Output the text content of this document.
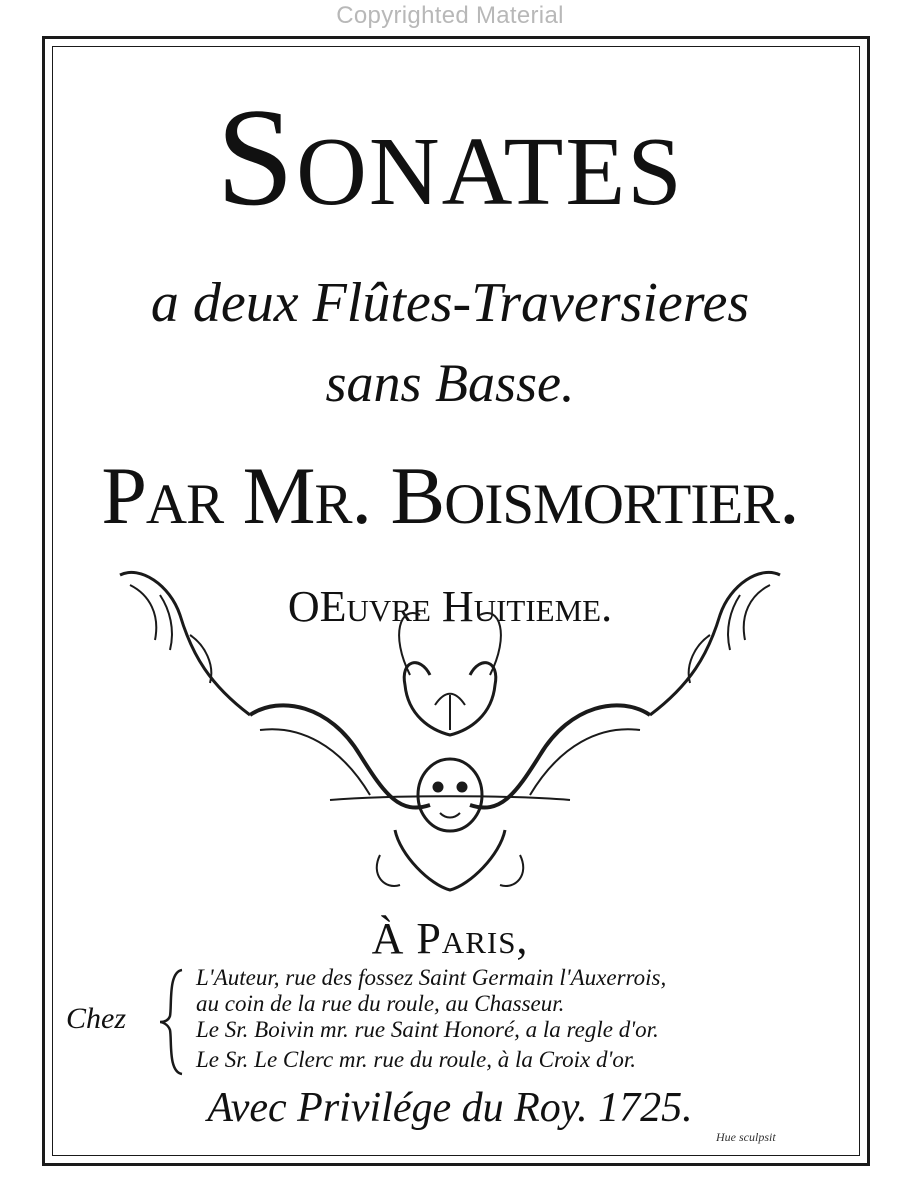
Copyrighted Material
Sonates
a deux Flûtes-Traversieres
sans Basse.
Par Mr. Boismortier.
OEuvre Huitieme.
À Paris,
Chez
L'Auteur, rue des fossez Saint Germain l'Auxerrois,
au coin de la rue du roule, au Chasseur.
Le Sr. Boivin mr. rue Saint Honoré, a la regle d'or.
Le Sr. Le Clerc mr. rue du roule, à la Croix d'or.
Avec Privilége du Roy. 1725.
Hue sculpsit
